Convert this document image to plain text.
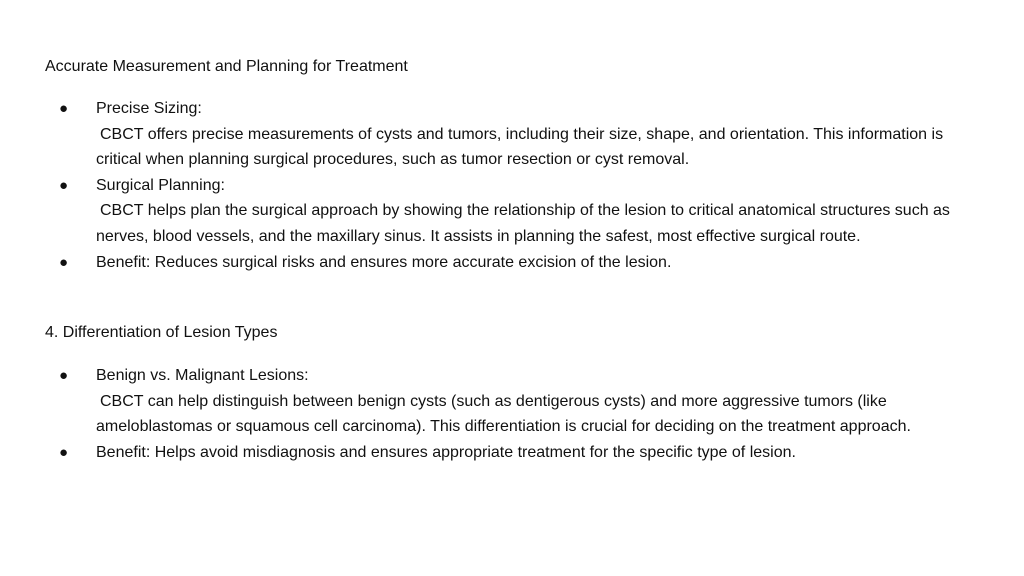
Accurate Measurement and Planning for Treatment
● Precise Sizing:
CBCT offers precise measurements of cysts and tumors, including their size, shape, and orientation. This information is critical when planning surgical procedures, such as tumor resection or cyst removal.
● Surgical Planning:
CBCT helps plan the surgical approach by showing the relationship of the lesion to critical anatomical structures such as nerves, blood vessels, and the maxillary sinus. It assists in planning the safest, most effective surgical route.
● Benefit: Reduces surgical risks and ensures more accurate excision of the lesion.
4. Differentiation of Lesion Types
● Benign vs. Malignant Lesions:
CBCT can help distinguish between benign cysts (such as dentigerous cysts) and more aggressive tumors (like ameloblastomas or squamous cell carcinoma). This differentiation is crucial for deciding on the treatment approach.
● Benefit: Helps avoid misdiagnosis and ensures appropriate treatment for the specific type of lesion.
